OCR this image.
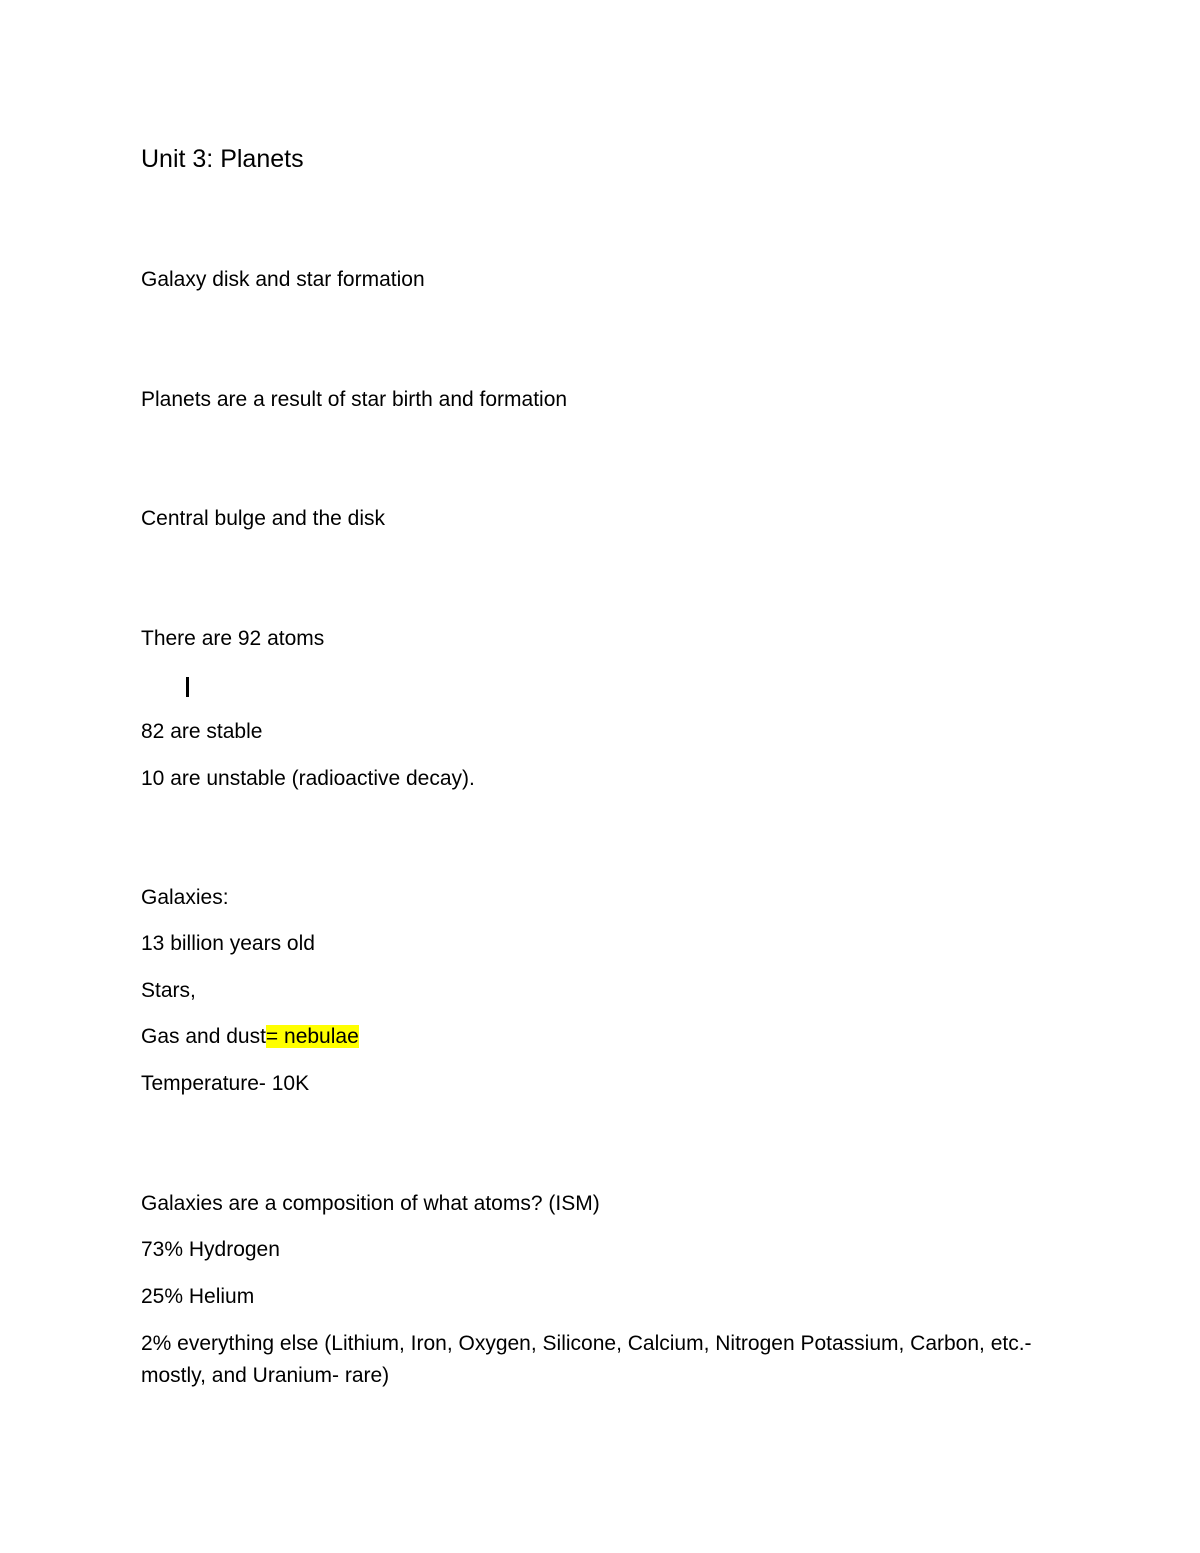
Unit 3: Planets
Galaxy disk and star formation
Planets are a result of star birth and formation
Central bulge and the disk
There are 92 atoms
82 are stable
10 are unstable (radioactive decay).
Galaxies:
13 billion years old
Stars,
Gas and dust= nebulae
Temperature- 10K
Galaxies are a composition of what atoms? (ISM)
73% Hydrogen
25% Helium
2% everything else (Lithium, Iron, Oxygen, Silicone, Calcium, Nitrogen Potassium, Carbon, etc.- mostly, and Uranium- rare)
